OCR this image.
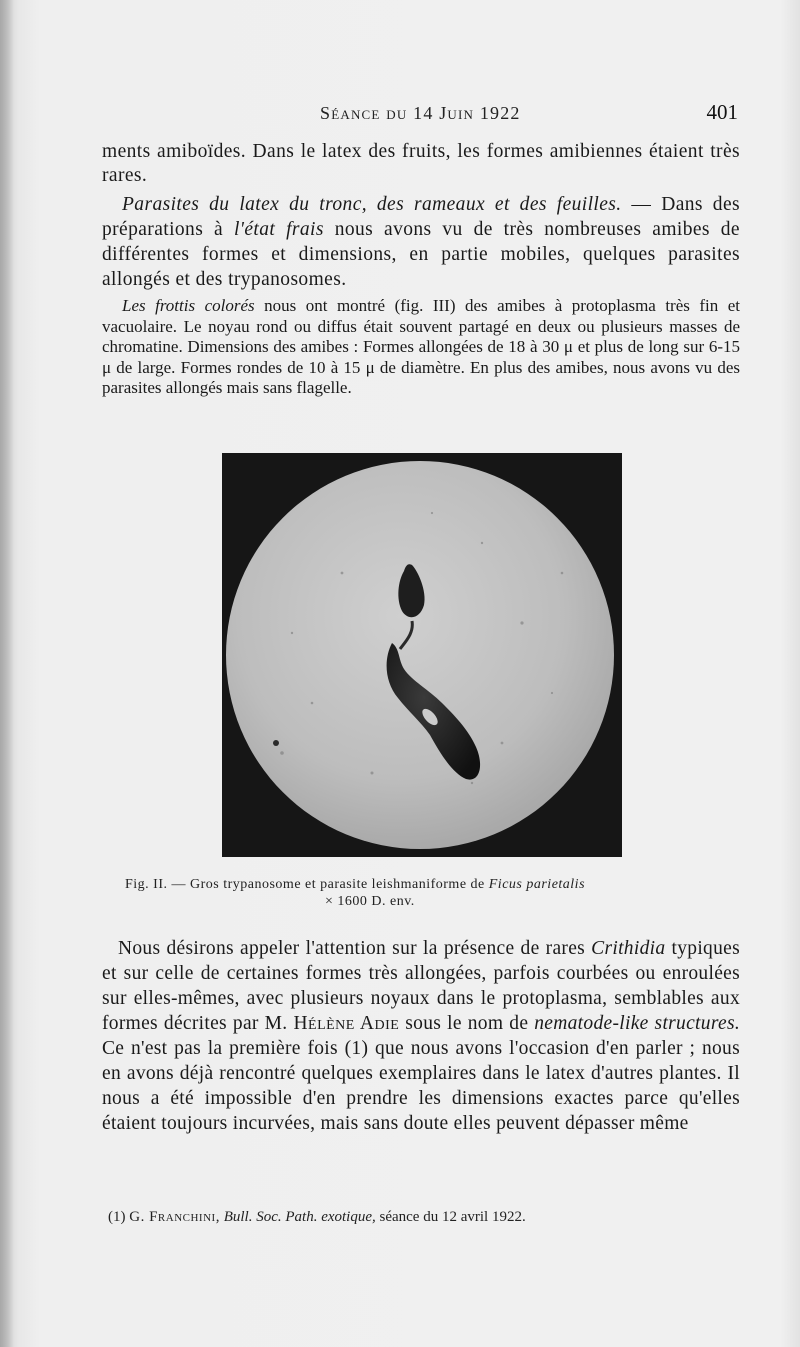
Séance du 14 Juin 1922	401

ments amiboïdes. Dans le latex des fruits, les formes amibiennes étaient très rares.

Parasites du latex du tronc, des rameaux et des feuilles. — Dans des préparations à l'état frais nous avons vu de très nombreuses amibes de différentes formes et dimensions, en partie mobiles, quelques parasites allongés et des trypanosomes.

Les frottis colorés nous ont montré (fig. III) des amibes à protoplasma très fin et vacuolaire. Le noyau rond ou diffus était souvent partagé en deux ou plusieurs masses de chromatine. Dimensions des amibes : Formes allongées de 18 à 30 μ et plus de long sur 6-15 μ de large. Formes rondes de 10 à 15 μ de diamètre. En plus des amibes, nous avons vu des parasites allongés mais sans flagelle.

Fig. II. — Gros trypanosome et parasite leishmaniforme de Ficus parietalis
× 1600 D. env.

Nous désirons appeler l'attention sur la présence de rares Crithidia typiques et sur celle de certaines formes très allongées, parfois courbées ou enroulées sur elles-mêmes, avec plusieurs noyaux dans le protoplasma, semblables aux formes décrites par M. Hélène Adie sous le nom de nematode-like structures. Ce n'est pas la première fois (1) que nous avons l'occasion d'en parler ; nous en avons déjà rencontré quelques exemplaires dans le latex d'autres plantes. Il nous a été impossible d'en prendre les dimensions exactes parce qu'elles étaient toujours incurvées, mais sans doute elles peuvent dépasser même

(1) G. Franchini, Bull. Soc. Path. exotique, séance du 12 avril 1922.
